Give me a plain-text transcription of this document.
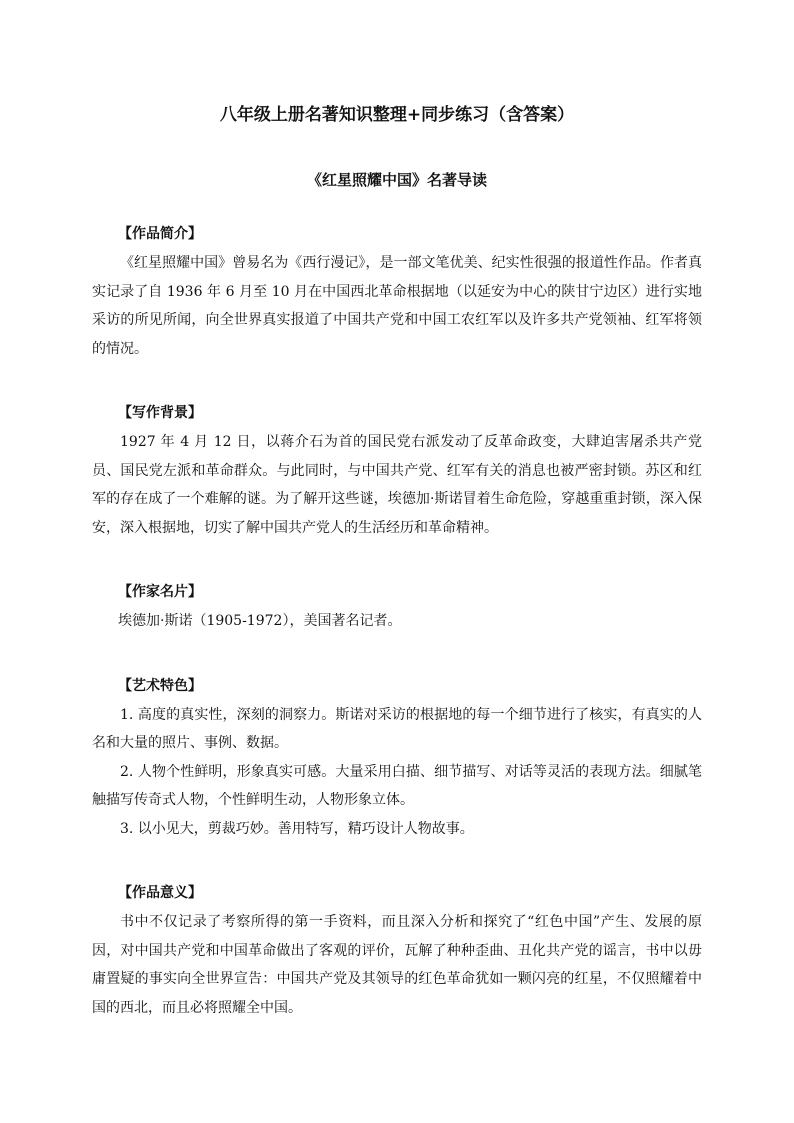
八年级上册名著知识整理+同步练习（含答案）
《红星照耀中国》名著导读
【作品简介】

《红星照耀中国》曾易名为《西行漫记》，是一部文笔优美、纪实性很强的报道性作品。作者真实记录了自 1936 年 6 月至 10 月在中国西北革命根据地（以延安为中心的陕甘宁边区）进行实地采访的所见所闻，向全世界真实报道了中国共产党和中国工农红军以及许多共产党领袖、红军将领的情况。

【写作背景】

1927 年 4 月 12 日，以蒋介石为首的国民党右派发动了反革命政变，大肆迫害屠杀共产党员、国民党左派和革命群众。与此同时，与中国共产党、红军有关的消息也被严密封锁。苏区和红军的存在成了一个难解的谜。为了解开这些谜，埃德加·斯诺冒着生命危险，穿越重重封锁，深入保安，深入根据地，切实了解中国共产党人的生活经历和革命精神。

【作家名片】

埃德加·斯诺（1905-1972），美国著名记者。

【艺术特色】

1. 高度的真实性，深刻的洞察力。斯诺对采访的根据地的每一个细节进行了核实，有真实的人名和大量的照片、事例、数据。

2. 人物个性鲜明，形象真实可感。大量采用白描、细节描写、对话等灵活的表现方法。细腻笔触描写传奇式人物，个性鲜明生动，人物形象立体。

3. 以小见大，剪裁巧妙。善用特写，精巧设计人物故事。

【作品意义】

书中不仅记录了考察所得的第一手资料，而且深入分析和探究了“红色中国”产生、发展的原因，对中国共产党和中国革命做出了客观的评价，瓦解了种种歪曲、丑化共产党的谣言，书中以毋庸置疑的事实向全世界宣告：中国共产党及其领导的红色革命犹如一颗闪亮的红星，不仅照耀着中国的西北，而且必将照耀全中国。
